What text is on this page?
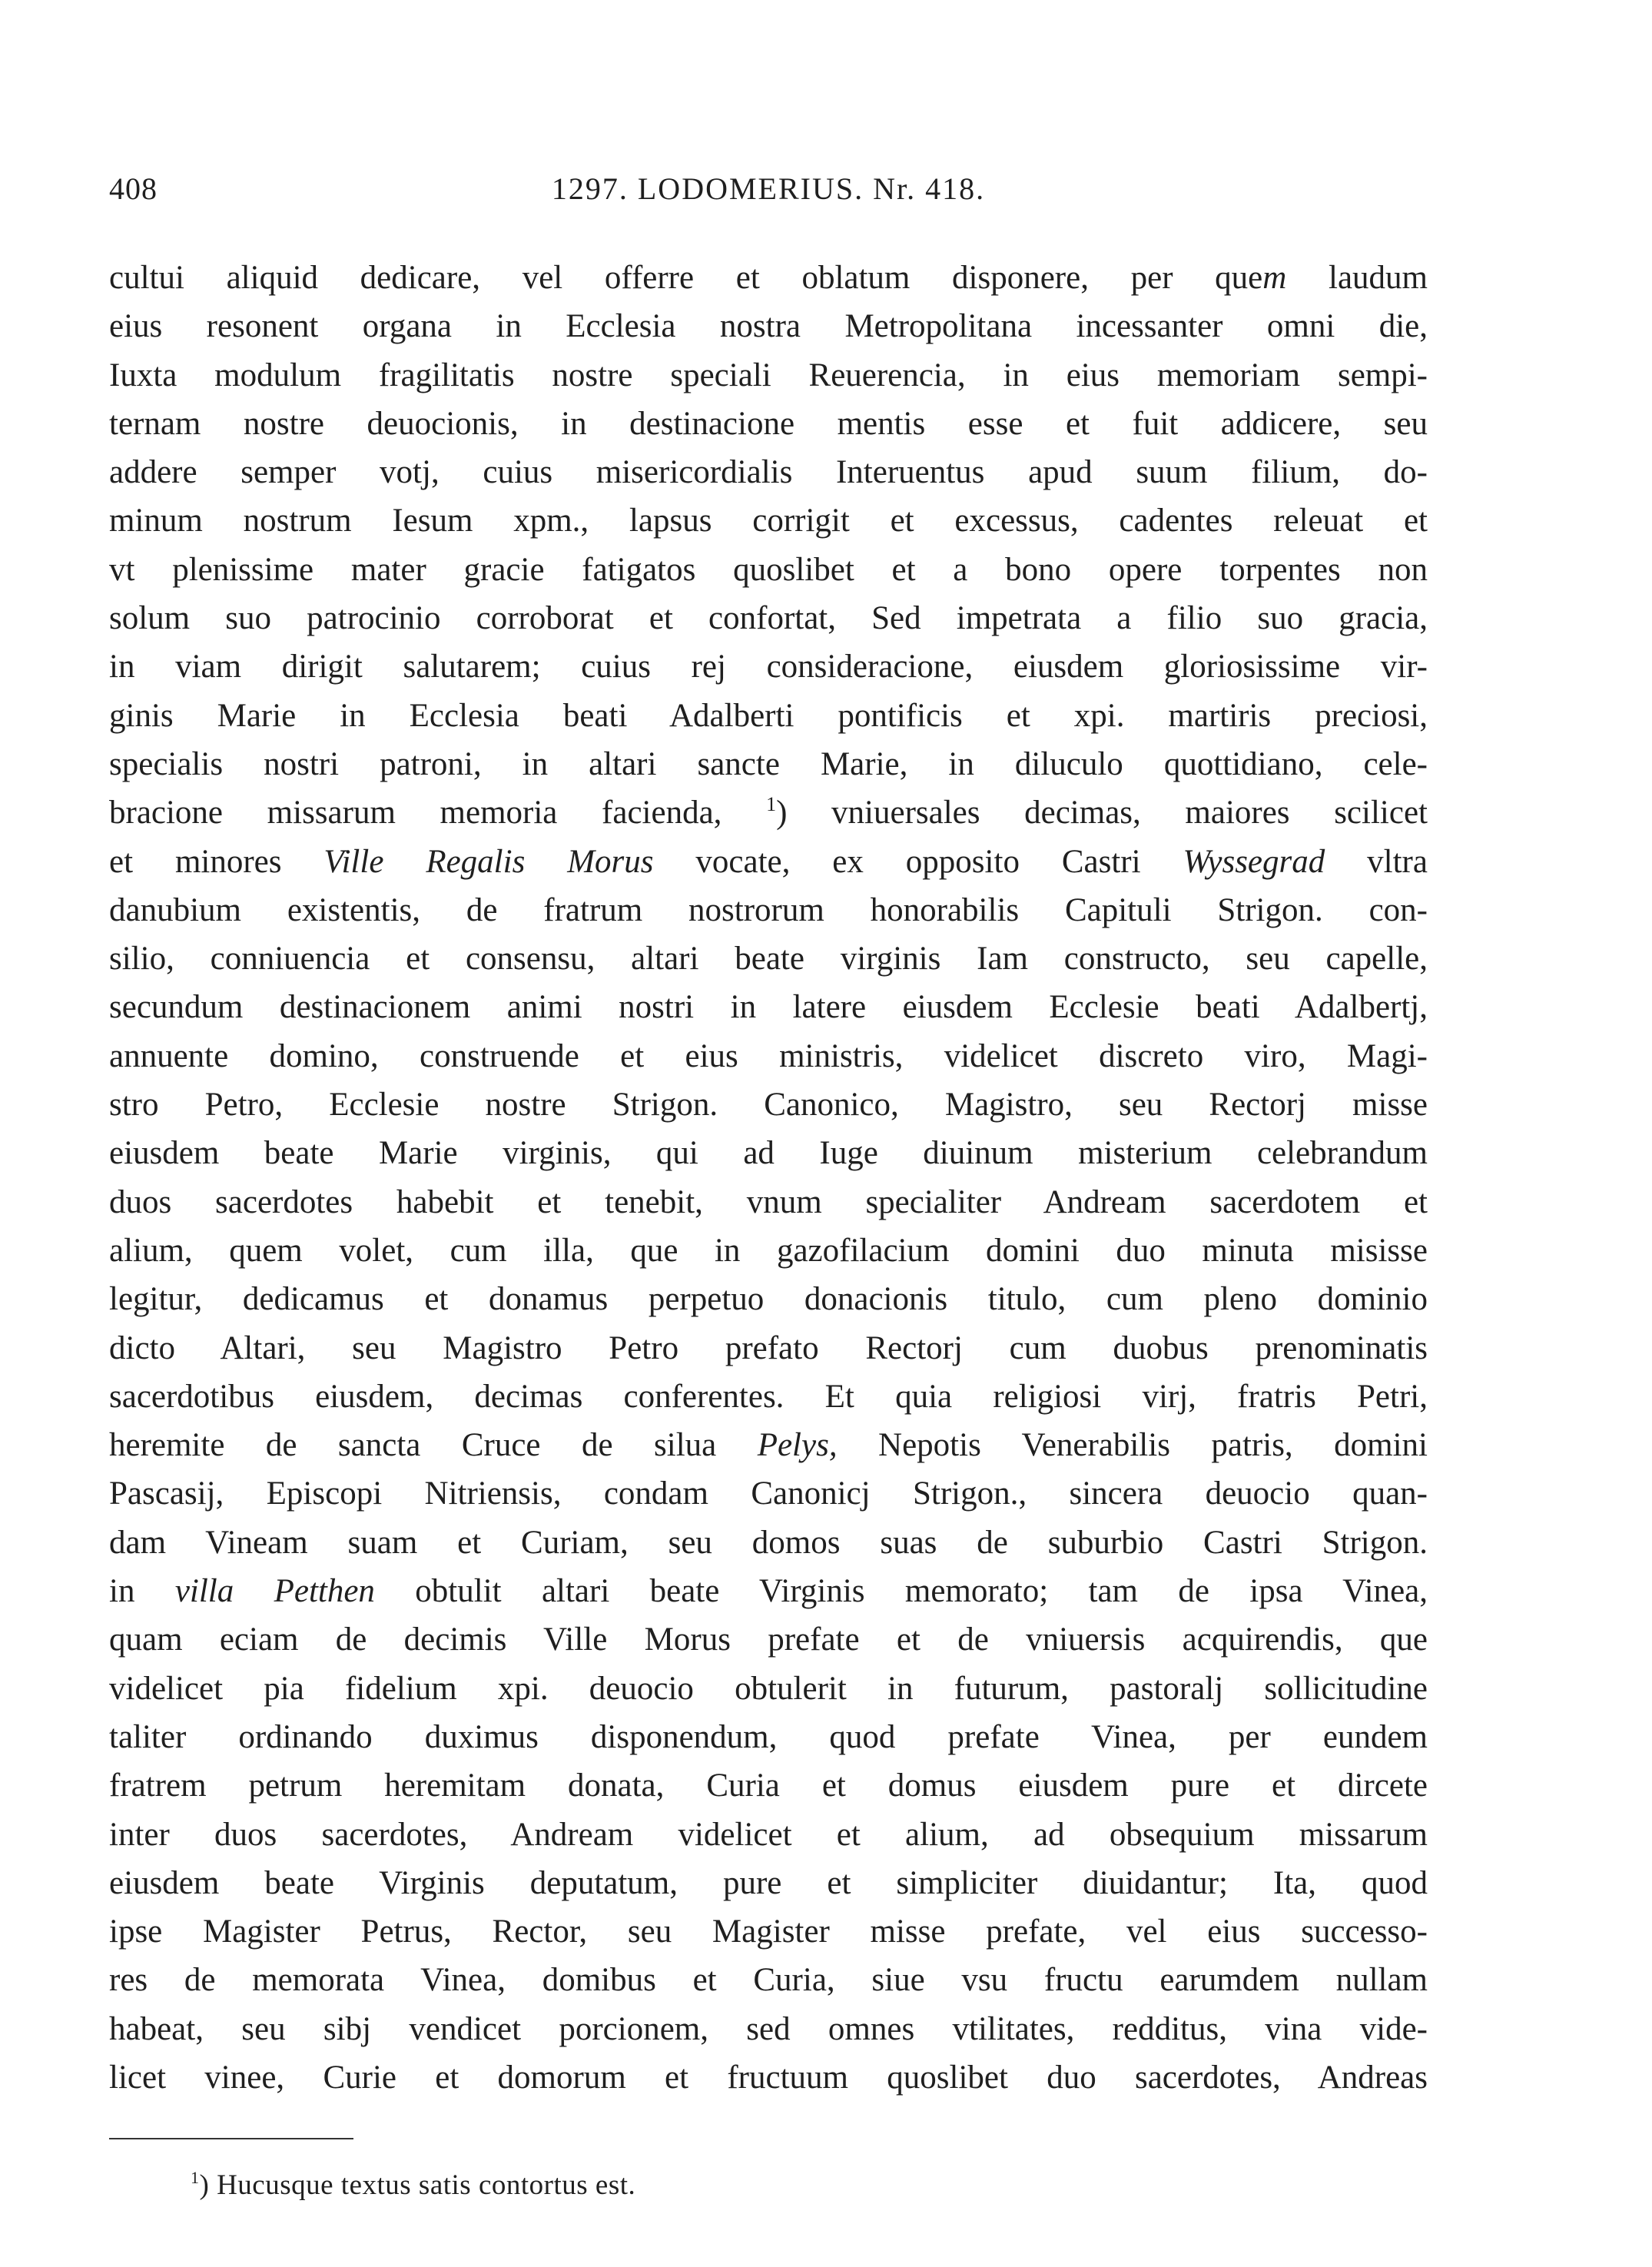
408	1297. LODOMERIUS. Nr. 418.
cultui aliquid dedicare, vel offerre et oblatum disponere, per quem laudum
eius resonent organa in Ecclesia nostra Metropolitana incessanter omni die,
Iuxta modulum fragilitatis nostre speciali Reuerencia, in eius memoriam sempi-
ternam nostre deuocionis, in destinacione mentis esse et fuit addicere, seu
addere semper votj, cuius misericordialis Interuentus apud suum filium, do-
minum nostrum Iesum xpm., lapsus corrigit et excessus, cadentes releuat et
vt plenissime mater gracie fatigatos quoslibet et a bono opere torpentes non
solum suo patrocinio corroborat et confortat, Sed impetrata a filio suo gracia,
in viam dirigit salutarem; cuius rej consideracione, eiusdem gloriosissime vir-
ginis Marie in Ecclesia beati Adalberti pontificis et xpi. martiris preciosi,
specialis nostri patroni, in altari sancte Marie, in diluculo quottidiano, cele-
bracione missarum memoria facienda, $^1$) vniuersales decimas, maiores scilicet
et minores Ville Regalis Morus vocate, ex opposito Castri Wyssegrad vltra
danubium existentis, de fratrum nostrorum honorabilis Capituli Strigon. con-
silio, conniuencia et consensu, altari beate virginis Iam constructo, seu capelle,
secundum destinacionem animi nostri in latere eiusdem Ecclesie beati Adalbertj,
annuente domino, construende et eius ministris, videlicet discreto viro, Magi-
stro Petro, Ecclesie nostre Strigon. Canonico, Magistro, seu Rectorj misse
eiusdem beate Marie virginis, qui ad Iuge diuinum misterium celebrandum
duos sacerdotes habebit et tenebit, vnum specialiter Andream sacerdotem et
alium, quem volet, cum illa, que in gazofilacium domini duo minuta misisse
legitur, dedicamus et donamus perpetuo donacionis titulo, cum pleno dominio
dicto Altari, seu Magistro Petro prefato Rectorj cum duobus prenominatis
sacerdotibus eiusdem, decimas conferentes. Et quia religiosi virj, fratris Petri,
heremite de sancta Cruce de silua Pelys, Nepotis Venerabilis patris, domini
Pascasij, Episcopi Nitriensis, condam Canonicj Strigon., sincera deuocio quan-
dam Vineam suam et Curiam, seu domos suas de suburbio Castri Strigon.
in villa Petthen obtulit altari beate Virginis memorato; tam de ipsa Vinea,
quam eciam de decimis Ville Morus prefate et de vniuersis acquirendis, que
videlicet pia fidelium xpi. deuocio obtulerit in futurum, pastoralj sollicitudine
taliter ordinando duximus disponendum, quod prefate Vinea, per eundem
fratrem petrum heremitam donata, Curia et domus eiusdem pure et dircete
inter duos sacerdotes, Andream videlicet et alium, ad obsequium missarum
eiusdem beate Virginis deputatum, pure et simpliciter diuidantur; Ita, quod
ipse Magister Petrus, Rector, seu Magister misse prefate, vel eius successo-
res de memorata Vinea, domibus et Curia, siue vsu fructu earumdem nullam
habeat, seu sibj vendicet porcionem, sed omnes vtilitates, redditus, vina vide-
licet vinee, Curie et domorum et fructuum quoslibet duo sacerdotes, Andreas
$^1$) Hucusque textus satis contortus est.
